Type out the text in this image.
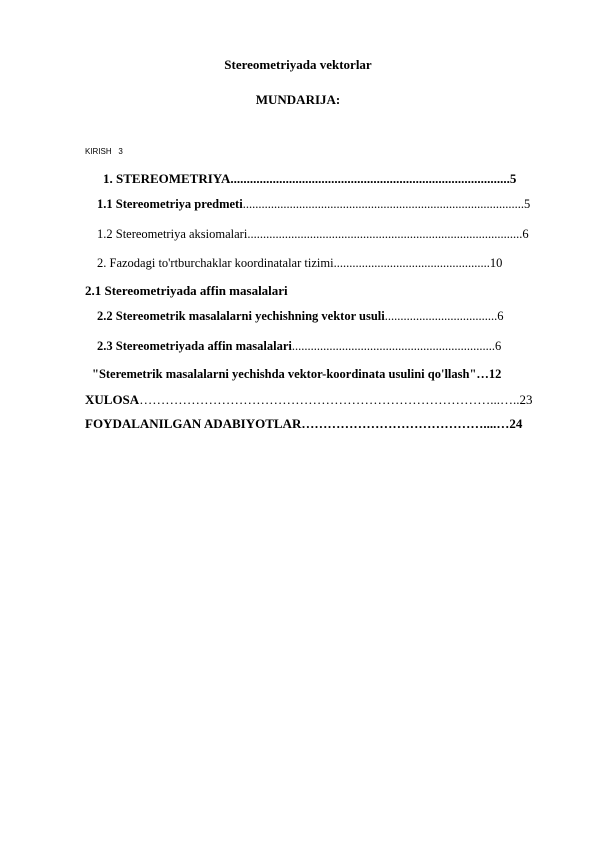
Stereometriyada vektorlar
MUNDARIJA:
KIRISH   3
1. STEREOMETRIYA......................................................................................5
1.1 Stereometriya predmeti..........................................................................................5
1.2 Stereometriya aksiomalari........................................................................................6
2. Fazodagi to'rtburchaklar koordinatalar tizimi..................................................10
2.1 Stereometriyada affin masalalari
2.2 Stereometrik masalalarni yechishning vektor usuli....................................6
2.3 Stereometriyada affin masalalari.................................................................6
"Steremetrik masalalarni yechishda vektor-koordinata usulini qo'llash"…12
XULOSA………………………………………………………………………...…..23
FOYDALANILGAN ADABIYOTLAR……………………………………....…24
